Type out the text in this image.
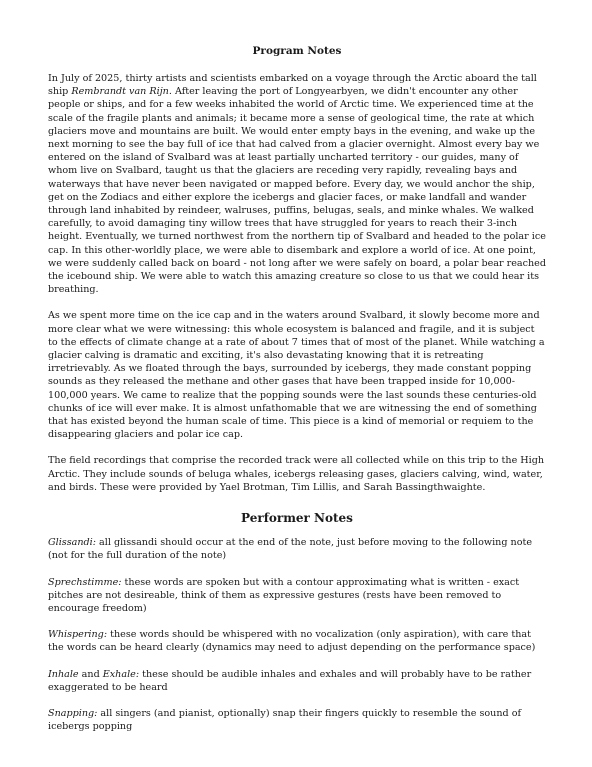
Program Notes

In July of 2025, thirty artists and scientists embarked on a voyage through the Arctic aboard the tall ship Rembrandt van Rijn. After leaving the port of Longyearbyen, we didn't encounter any other people or ships, and for a few weeks inhabited the world of Arctic time. We experienced time at the scale of the fragile plants and animals; it became more a sense of geological time, the rate at which glaciers move and mountains are built. We would enter empty bays in the evening, and wake up the next morning to see the bay full of ice that had calved from a glacier overnight. Almost every bay we entered on the island of Svalbard was at least partially uncharted territory - our guides, many of whom live on Svalbard, taught us that the glaciers are receding very rapidly, revealing bays and waterways that have never been navigated or mapped before. Every day, we would anchor the ship, get on the Zodiacs and either explore the icebergs and glacier faces, or make landfall and wander through land inhabited by reindeer, walruses, puffins, belugas, seals, and minke whales. We walked carefully, to avoid damaging tiny willow trees that have struggled for years to reach their 3-inch height. Eventually, we turned northwest from the northern tip of Svalbard and headed to the polar ice cap. In this other-worldly place, we were able to disembark and explore a world of ice. At one point, we were suddenly called back on board - not long after we were safely on board, a polar bear reached the icebound ship. We were able to watch this amazing creature so close to us that we could hear its breathing.

As we spent more time on the ice cap and in the waters around Svalbard, it slowly become more and more clear what we were witnessing: this whole ecosystem is balanced and fragile, and it is subject to the effects of climate change at a rate of about 7 times that of most of the planet. While watching a glacier calving is dramatic and exciting, it's also devastating knowing that it is retreating irretrievably. As we floated through the bays, surrounded by icebergs, they made constant popping sounds as they released the methane and other gases that have been trapped inside for 10,000-100,000 years. We came to realize that the popping sounds were the last sounds these centuries-old chunks of ice will ever make. It is almost unfathomable that we are witnessing the end of something that has existed beyond the human scale of time. This piece is a kind of memorial or requiem to the disappearing glaciers and polar ice cap.

The field recordings that comprise the recorded track were all collected while on this trip to the High Arctic. They include sounds of beluga whales, icebergs releasing gases, glaciers calving, wind, water, and birds. These were provided by Yael Brotman, Tim Lillis, and Sarah Bassingthwaighte.

Performer Notes

Glissandi: all glissandi should occur at the end of the note, just before moving to the following note (not for the full duration of the note)

Sprechstimme: these words are spoken but with a contour approximating what is written - exact pitches are not desireable, think of them as expressive gestures (rests have been removed to encourage freedom)

Whispering: these words should be whispered with no vocalization (only aspiration), with care that the words can be heard clearly (dynamics may need to adjust depending on the performance space)

Inhale and Exhale: these should be audible inhales and exhales and will probably have to be rather exaggerated to be heard

Snapping: all singers (and pianist, optionally) snap their fingers quickly to resemble the sound of icebergs popping
